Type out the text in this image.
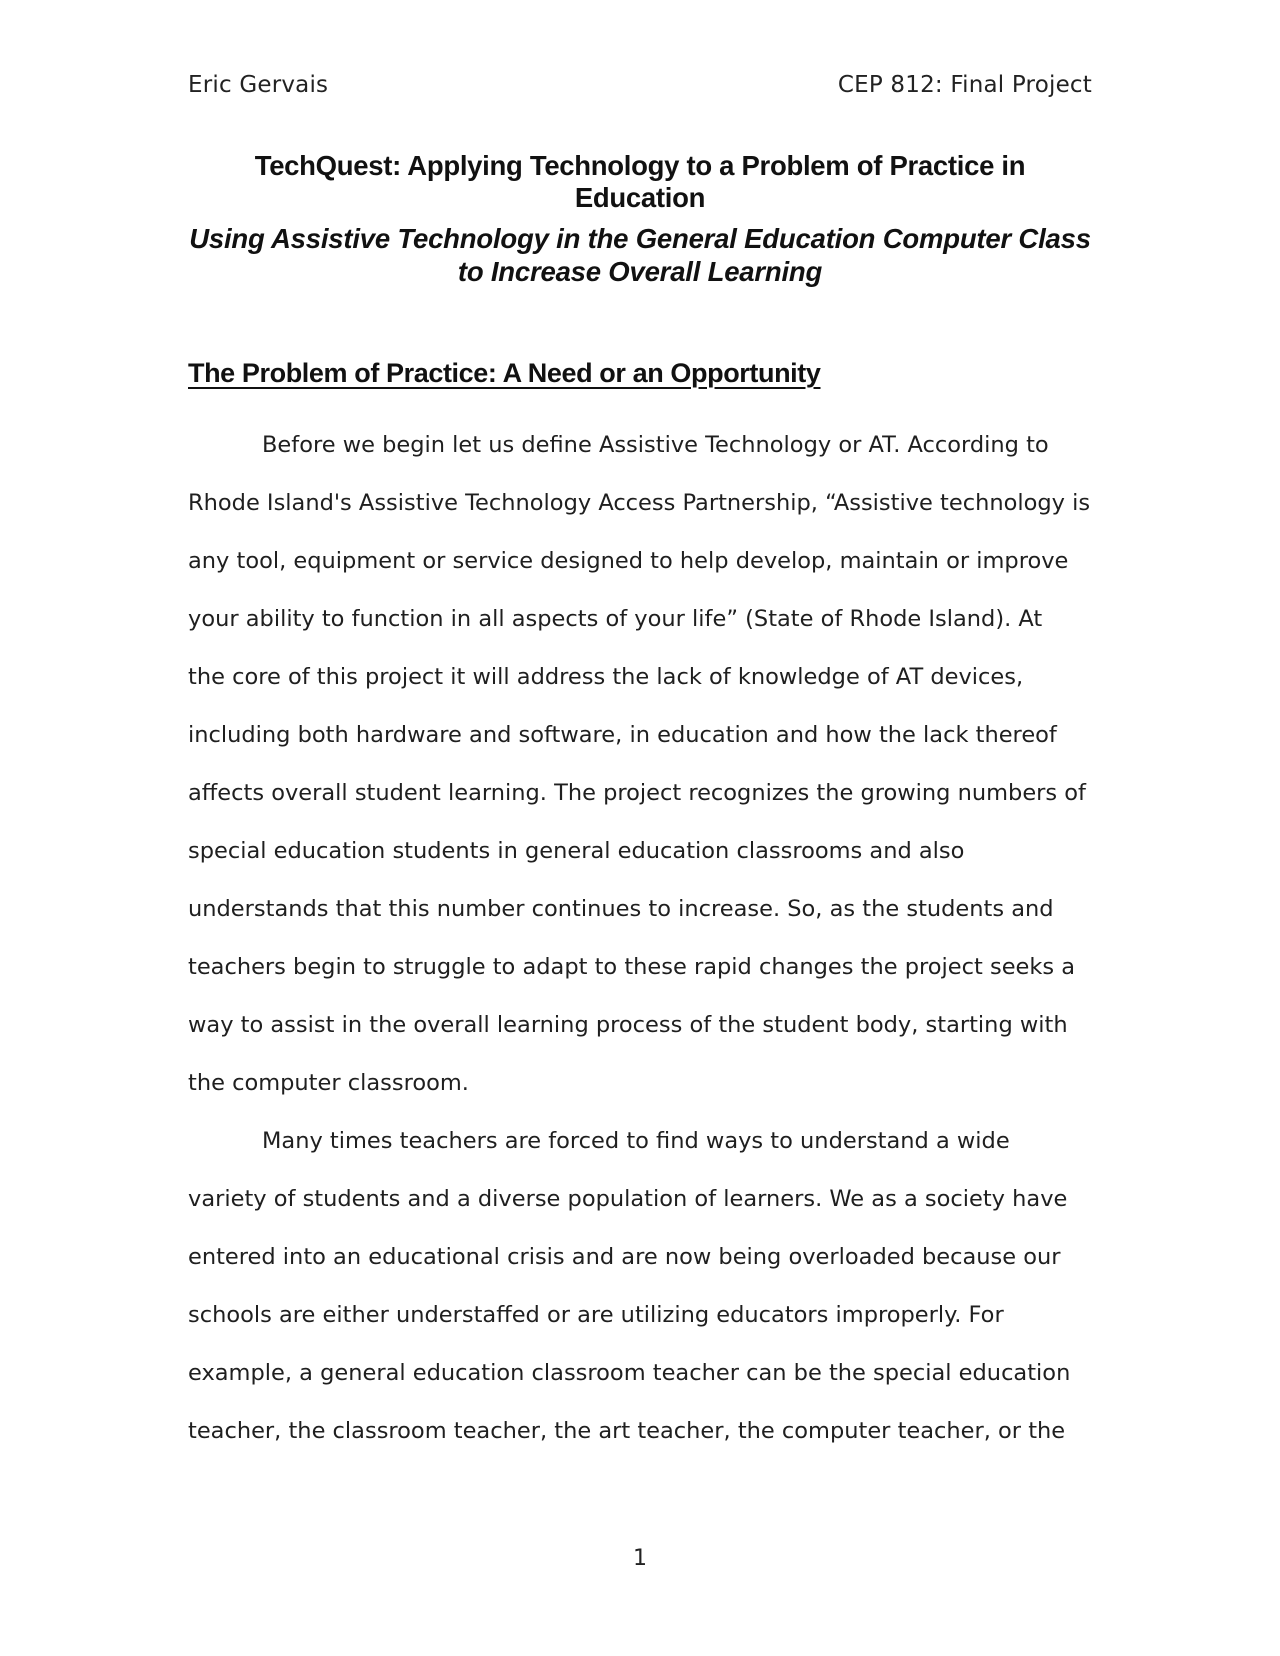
Eric Gervais	CEP 812: Final Project
TechQuest: Applying Technology to a Problem of Practice in Education
Using Assistive Technology in the General Education Computer Class
to Increase Overall Learning
The Problem of Practice: A Need or an Opportunity
Before we begin let us define Assistive Technology or AT. According to
Rhode Island's Assistive Technology Access Partnership, “Assistive technology is
any tool, equipment or service designed to help develop, maintain or improve
your ability to function in all aspects of your life” (State of Rhode Island). At
the core of this project it will address the lack of knowledge of AT devices,
including both hardware and software, in education and how the lack thereof
affects overall student learning. The project recognizes the growing numbers of
special education students in general education classrooms and also
understands that this number continues to increase. So, as the students and
teachers begin to struggle to adapt to these rapid changes the project seeks a
way to assist in the overall learning process of the student body, starting with
the computer classroom.
Many times teachers are forced to find ways to understand a wide
variety of students and a diverse population of learners. We as a society have
entered into an educational crisis and are now being overloaded because our
schools are either understaffed or are utilizing educators improperly. For
example, a general education classroom teacher can be the special education
teacher, the classroom teacher, the art teacher, the computer teacher, or the
1
